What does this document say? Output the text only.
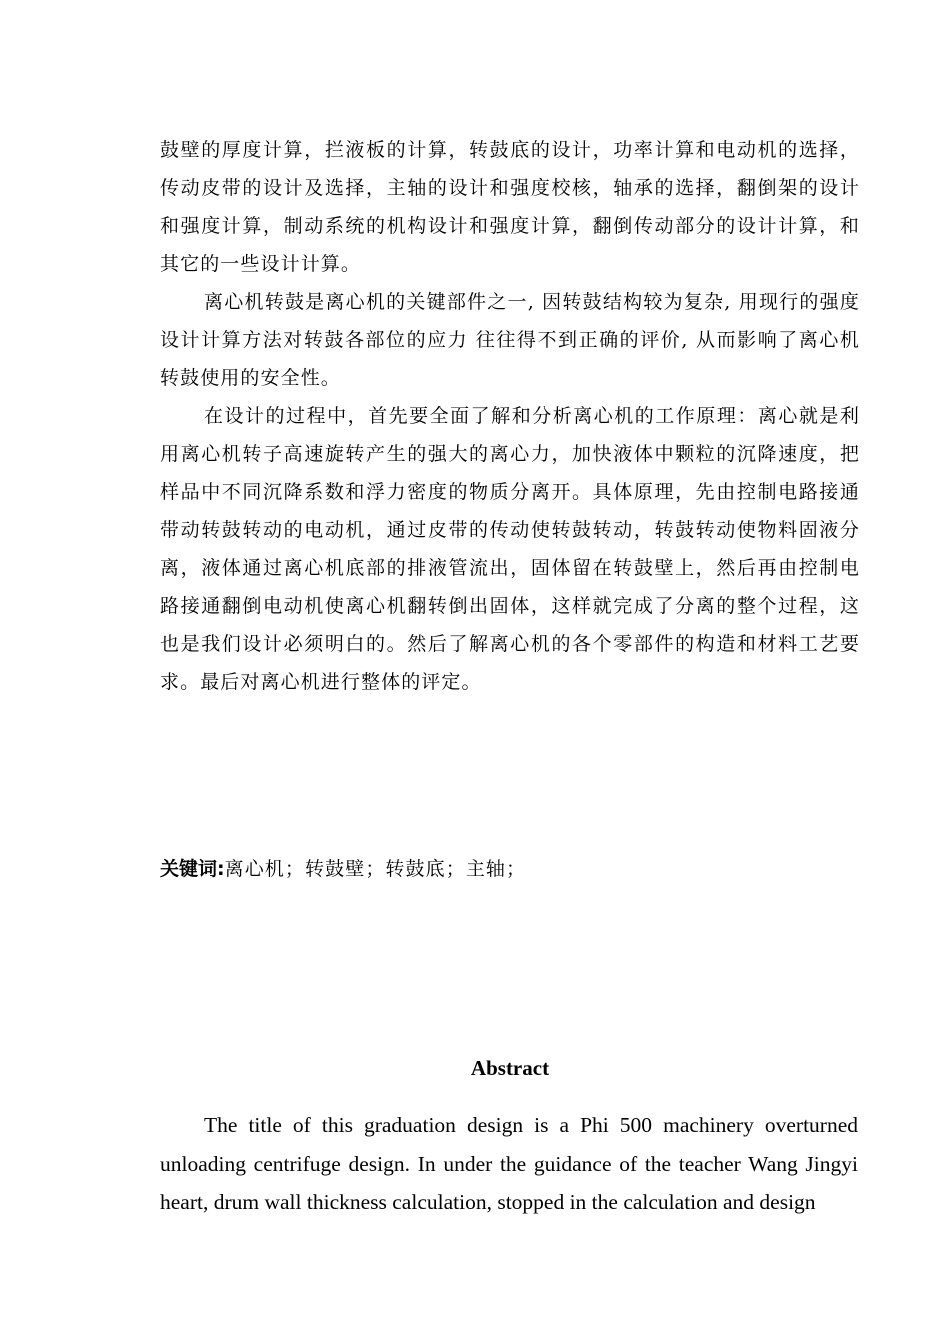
鼓壁的厚度计算，拦液板的计算，转鼓底的设计，功率计算和电动机的选择，传动皮带的设计及选择，主轴的设计和强度校核，轴承的选择，翻倒架的设计和强度计算，制动系统的机构设计和强度计算，翻倒传动部分的设计计算，和其它的一些设计计算。

离心机转鼓是离心机的关键部件之一, 因转鼓结构较为复杂, 用现行的强度设计计算方法对转鼓各部位的应力 往往得不到正确的评价, 从而影响了离心机转鼓使用的安全性。

在设计的过程中，首先要全面了解和分析离心机的工作原理：离心就是利用离心机转子高速旋转产生的强大的离心力，加快液体中颗粒的沉降速度，把样品中不同沉降系数和浮力密度的物质分离开。具体原理，先由控制电路接通带动转鼓转动的电动机，通过皮带的传动使转鼓转动，转鼓转动使物料固液分离，液体通过离心机底部的排液管流出，固体留在转鼓壁上，然后再由控制电路接通翻倒电动机使离心机翻转倒出固体，这样就完成了分离的整个过程，这也是我们设计必须明白的。然后了解离心机的各个零部件的构造和材料工艺要求。最后对离心机进行整体的评定。

关键词:离心机；转鼓壁；转鼓底；主轴；

Abstract

The title of this graduation design is a Phi 500 machinery overturned unloading centrifuge design. In under the guidance of the teacher Wang Jingyi heart, drum wall thickness calculation, stopped in the calculation and design
